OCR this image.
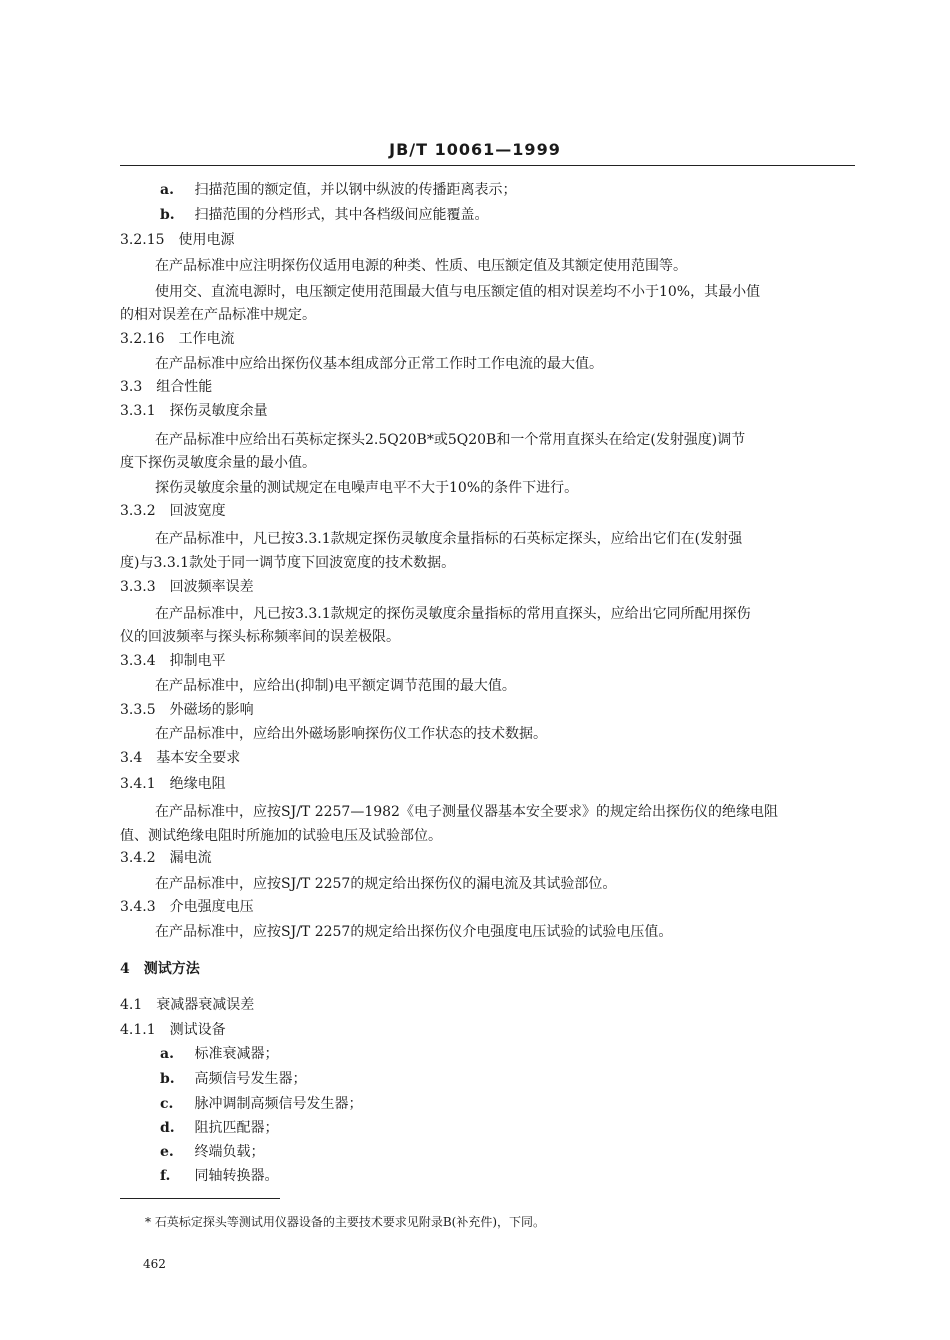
JB/T 10061—1999
a. 扫描范围的额定值，并以钢中纵波的传播距离表示；
b. 扫描范围的分档形式，其中各档级间应能覆盖。
3.2.15　使用电源
在产品标准中应注明探伤仪适用电源的种类、性质、电压额定值及其额定使用范围等。
使用交、直流电源时，电压额定使用范围最大值与电压额定值的相对误差均不小于10%，其最小值
的相对误差在产品标准中规定。
3.2.16　工作电流
在产品标准中应给出探伤仪基本组成部分正常工作时工作电流的最大值。
3.3　组合性能
3.3.1　探伤灵敏度余量
在产品标准中应给出石英标定探头2.5Q20B*或5Q20B和一个常用直探头在给定(发射强度)调节
度下探伤灵敏度余量的最小值。
探伤灵敏度余量的测试规定在电噪声电平不大于10%的条件下进行。
3.3.2　回波宽度
在产品标准中，凡已按3.3.1款规定探伤灵敏度余量指标的石英标定探头，应给出它们在(发射强
度)与3.3.1款处于同一调节度下回波宽度的技术数据。
3.3.3　回波频率误差
在产品标准中，凡已按3.3.1款规定的探伤灵敏度余量指标的常用直探头，应给出它同所配用探伤
仪的回波频率与探头标称频率间的误差极限。
3.3.4　抑制电平
在产品标准中，应给出(抑制)电平额定调节范围的最大值。
3.3.5　外磁场的影响
在产品标准中，应给出外磁场影响探伤仪工作状态的技术数据。
3.4　基本安全要求
3.4.1　绝缘电阻
在产品标准中，应按SJ/T 2257—1982《电子测量仪器基本安全要求》的规定给出探伤仪的绝缘电阻
值、测试绝缘电阻时所施加的试验电压及试验部位。
3.4.2　漏电流
在产品标准中，应按SJ/T 2257的规定给出探伤仪的漏电流及其试验部位。
3.4.3　介电强度电压
在产品标准中，应按SJ/T 2257的规定给出探伤仪介电强度电压试验的试验电压值。
4　测试方法
4.1　衰减器衰减误差
4.1.1　测试设备
a. 标准衰减器；
b. 高频信号发生器；
c. 脉冲调制高频信号发生器；
d. 阻抗匹配器；
e. 终端负载；
f. 同轴转换器。
* 石英标定探头等测试用仪器设备的主要技术要求见附录B(补充件)，下同。
462
